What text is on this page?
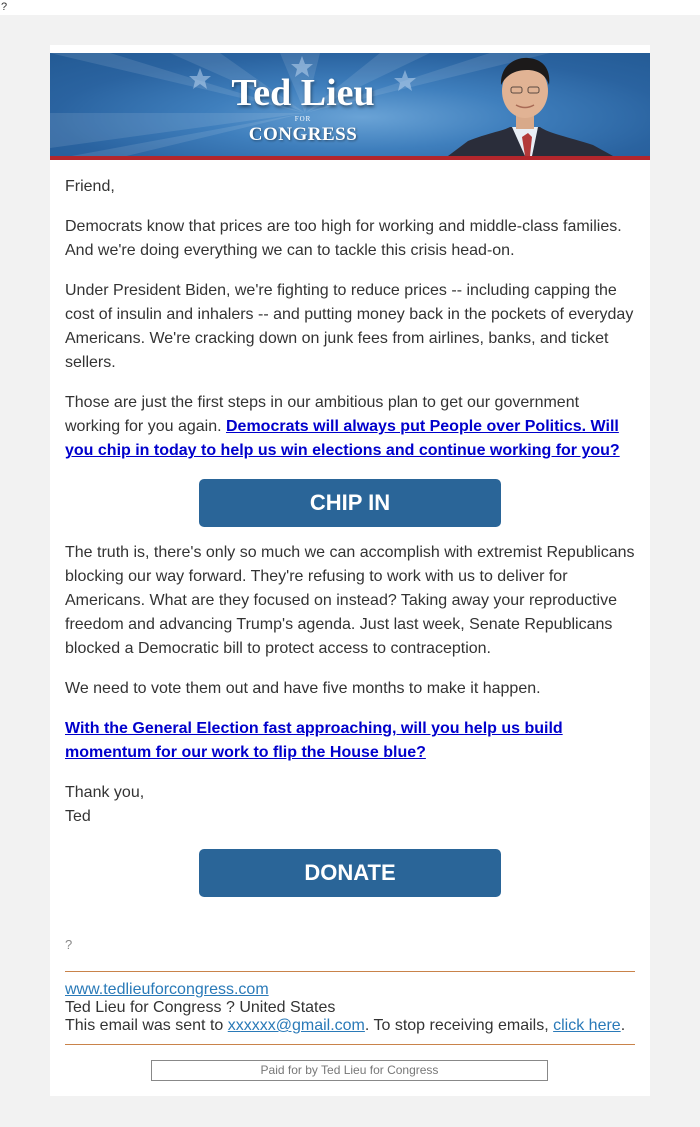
?
Ted Lieu
FOR
CONGRESS

Friend,

Democrats know that prices are too high for working and middle-class families. And we're doing everything we can to tackle this crisis head-on.

Under President Biden, we're fighting to reduce prices -- including capping the cost of insulin and inhalers -- and putting money back in the pockets of everyday Americans. We're cracking down on junk fees from airlines, banks, and ticket sellers.

Those are just the first steps in our ambitious plan to get our government working for you again. Democrats will always put People over Politics. Will you chip in today to help us win elections and continue working for you?

CHIP IN

The truth is, there's only so much we can accomplish with extremist Republicans blocking our way forward. They're refusing to work with us to deliver for Americans. What are they focused on instead? Taking away your reproductive freedom and advancing Trump's agenda. Just last week, Senate Republicans blocked a Democratic bill to protect access to contraception.

We need to vote them out and have five months to make it happen.

With the General Election fast approaching, will you help us build momentum for our work to flip the House blue?

Thank you,
Ted

DONATE
?
www.tedlieuforcongress.com
Ted Lieu for Congress ? United States
This email was sent to xxxxxx@gmail.com. To stop receiving emails, click here.
Paid for by Ted Lieu for Congress
